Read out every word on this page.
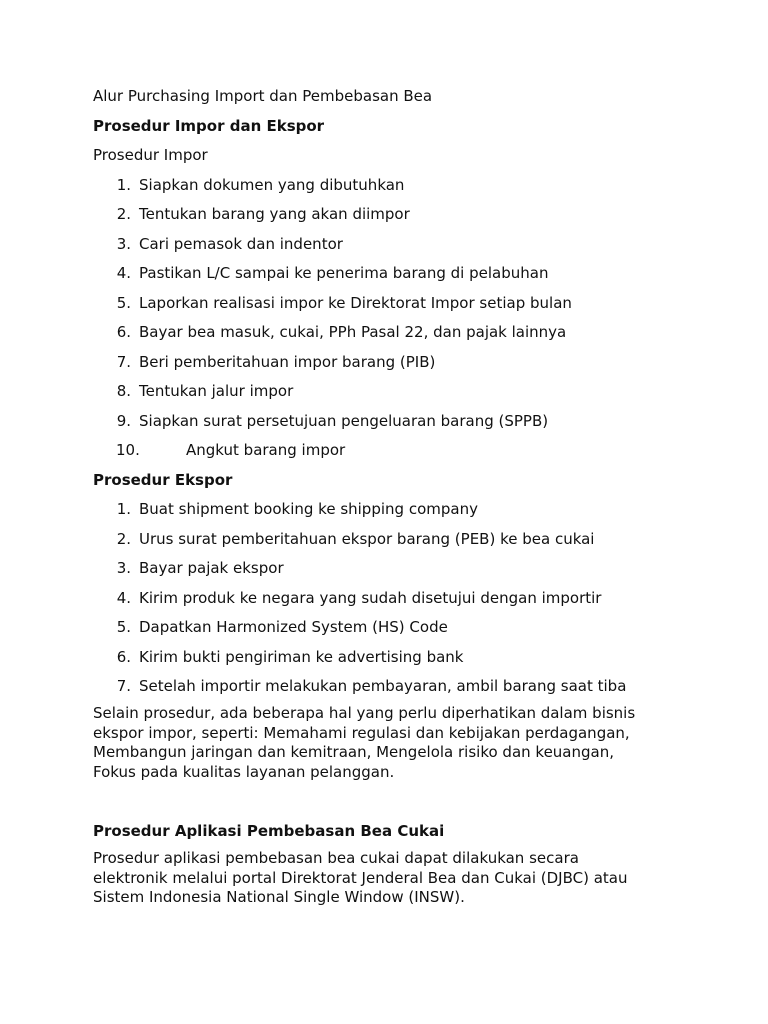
Alur Purchasing Import dan Pembebasan Bea

Prosedur Impor dan Ekspor

Prosedur Impor

1. Siapkan dokumen yang dibutuhkan
2. Tentukan barang yang akan diimpor
3. Cari pemasok dan indentor
4. Pastikan L/C sampai ke penerima barang di pelabuhan
5. Laporkan realisasi impor ke Direktorat Impor setiap bulan
6. Bayar bea masuk, cukai, PPh Pasal 22, dan pajak lainnya
7. Beri pemberitahuan impor barang (PIB)
8. Tentukan jalur impor
9. Siapkan surat persetujuan pengeluaran barang (SPPB)
10.	Angkut barang impor

Prosedur Ekspor

1. Buat shipment booking ke shipping company
2. Urus surat pemberitahuan ekspor barang (PEB) ke bea cukai
3. Bayar pajak ekspor
4. Kirim produk ke negara yang sudah disetujui dengan importir
5. Dapatkan Harmonized System (HS) Code
6. Kirim bukti pengiriman ke advertising bank
7. Setelah importir melakukan pembayaran, ambil barang saat tiba

Selain prosedur, ada beberapa hal yang perlu diperhatikan dalam bisnis

ekspor impor, seperti: Memahami regulasi dan kebijakan perdagangan,

Membangun jaringan dan kemitraan, Mengelola risiko dan keuangan,

Fokus pada kualitas layanan pelanggan.

Prosedur Aplikasi Pembebasan Bea Cukai

Prosedur aplikasi pembebasan bea cukai dapat dilakukan secara

elektronik melalui portal Direktorat Jenderal Bea dan Cukai (DJBC) atau

Sistem Indonesia National Single Window (INSW).
